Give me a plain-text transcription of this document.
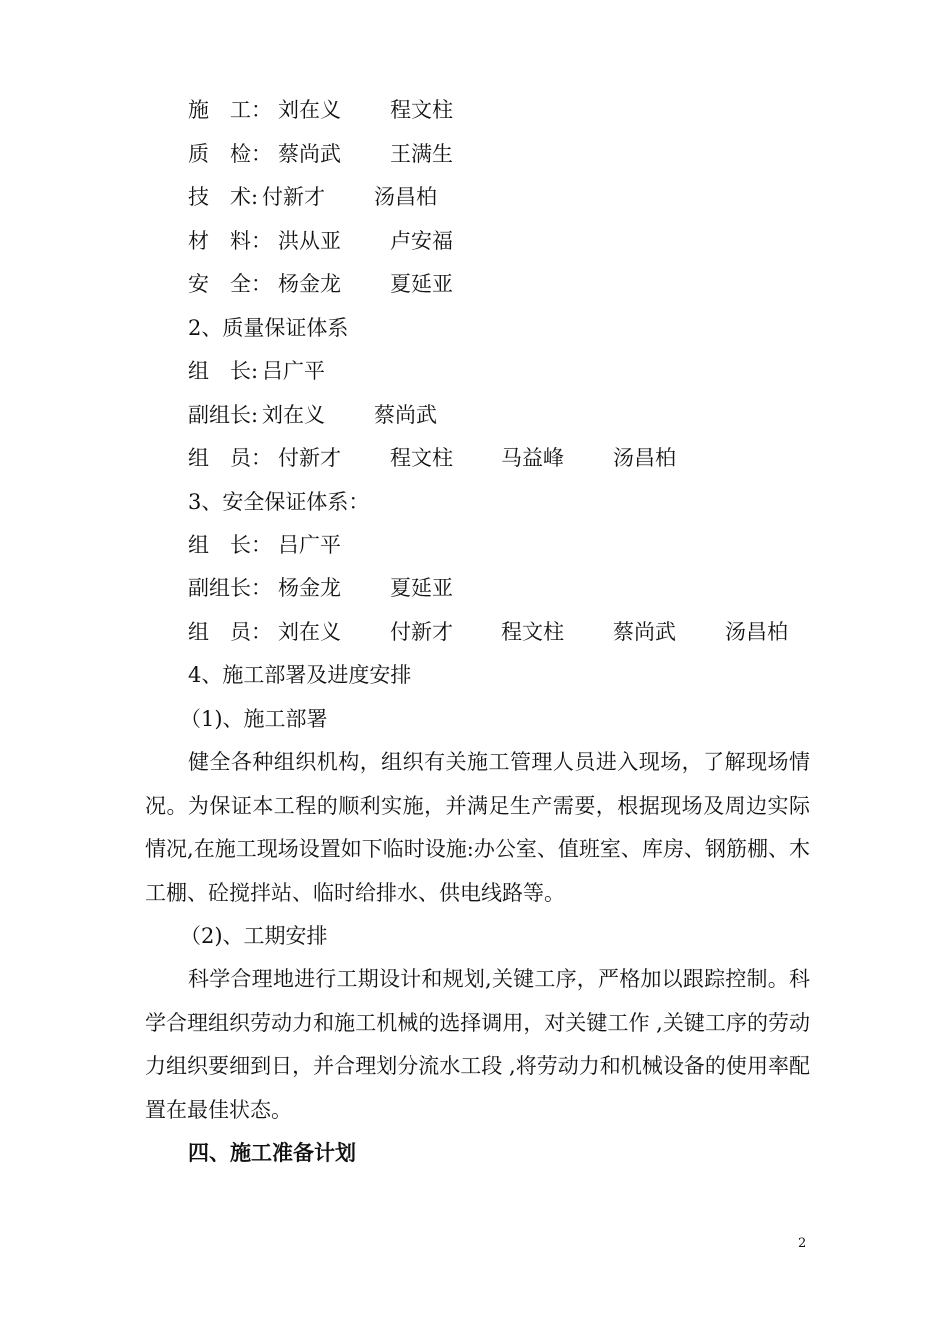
施　工： 刘在义 程文柱
质　检： 蔡尚武 王满生
技　术: 付新才 汤昌柏
材　料： 洪从亚 卢安福
安　全： 杨金龙 夏延亚
2、质量保证体系
组　长: 吕广平
副组长: 刘在义 蔡尚武
组　员： 付新才 程文柱 马益峰 汤昌柏
3、安全保证体系：
组　长： 吕广平
副组长： 杨金龙 夏延亚
组　员： 刘在义 付新才 程文柱 蔡尚武 汤昌柏
4、施工部署及进度安排
（1)、施工部署

健全各种组织机构，组织有关施工管理人员进入现场，了解现场情况。为保证本工程的顺利实施，并满足生产需要，根据现场及周边实际情况,在施工现场设置如下临时设施:办公室、值班室、库房、钢筋棚、木工棚、砼搅拌站、临时给排水、供电线路等。

（2)、工期安排

科学合理地进行工期设计和规划,关键工序，严格加以跟踪控制。科学合理组织劳动力和施工机械的选择调用，对关键工作 ,关键工序的劳动力组织要细到日，并合理划分流水工段 ,将劳动力和机械设备的使用率配置在最佳状态。

四、施工准备计划
2
